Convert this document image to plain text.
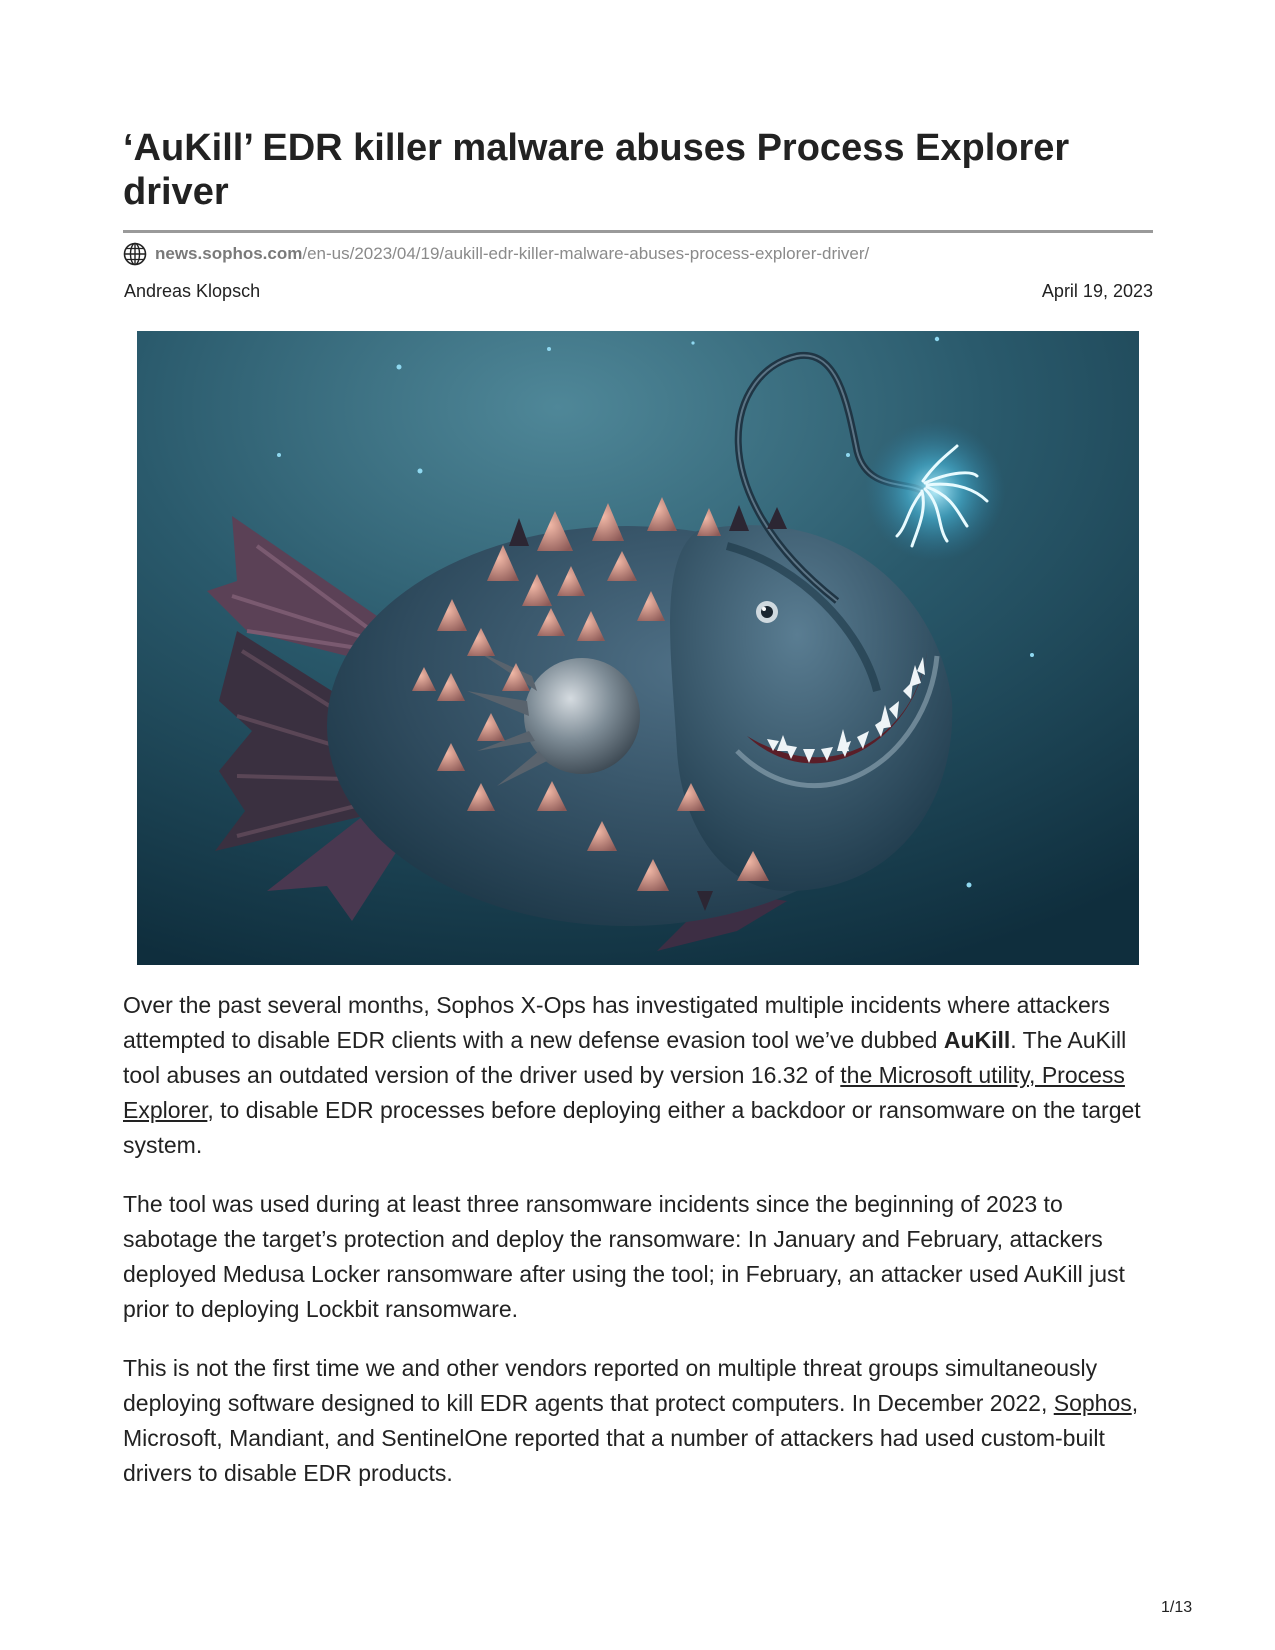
‘AuKill’ EDR killer malware abuses Process Explorer driver
news.sophos.com /en-us/2023/04/19/aukill-edr-killer-malware-abuses-process-explorer-driver/
Andreas Klopsch	April 19, 2023

Over the past several months, Sophos X-Ops has investigated multiple incidents where attackers attempted to disable EDR clients with a new defense evasion tool we’ve dubbed AuKill. The AuKill tool abuses an outdated version of the driver used by version 16.32 of the Microsoft utility, Process Explorer, to disable EDR processes before deploying either a backdoor or ransomware on the target system.

The tool was used during at least three ransomware incidents since the beginning of 2023 to sabotage the target’s protection and deploy the ransomware: In January and February, attackers deployed Medusa Locker ransomware after using the tool; in February, an attacker used AuKill just prior to deploying Lockbit ransomware.

This is not the first time we and other vendors reported on multiple threat groups simultaneously deploying software designed to kill EDR agents that protect computers. In December 2022, Sophos, Microsoft, Mandiant, and SentinelOne reported that a number of attackers had used custom-built drivers to disable EDR products.

1/13
